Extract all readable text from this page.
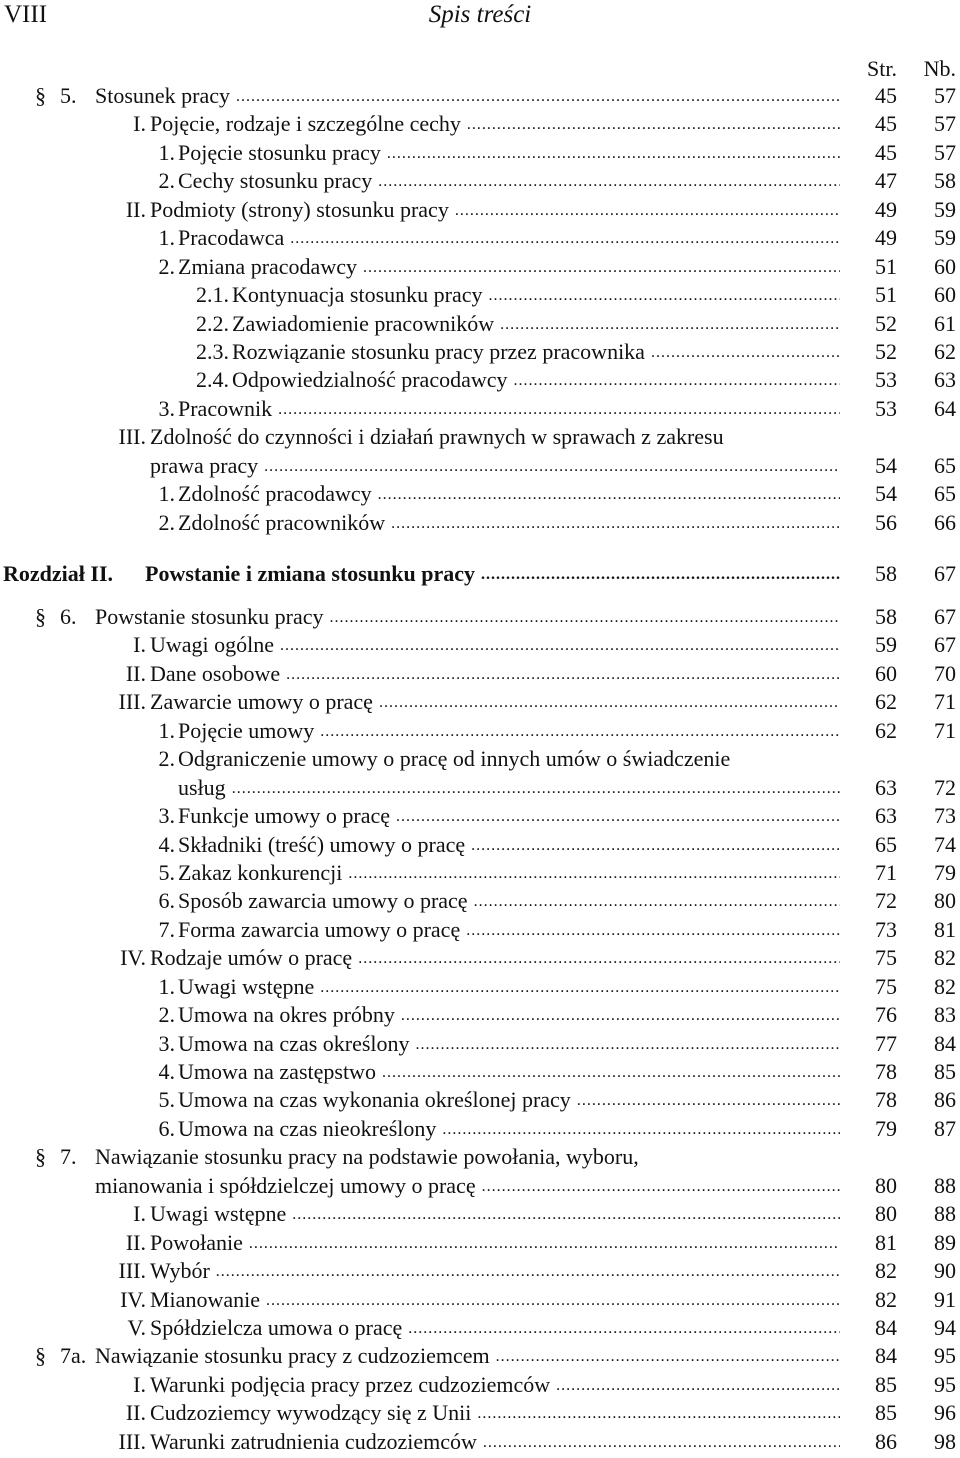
VIII	Spis treści
Str. Nb.
§ 5. Stosunek pracy .....	45 57
I. Pojęcie, rodzaje i szczególne cechy .....	45 57
1. Pojęcie stosunku pracy .....	45 57
2. Cechy stosunku pracy .....	47 58
II. Podmioty (strony) stosunku pracy .....	49 59
1. Pracodawca .....	49 59
2. Zmiana pracodawcy .....	51 60
2.1. Kontynuacja stosunku pracy .....	51 60
2.2. Zawiadomienie pracowników .....	52 61
2.3. Rozwiązanie stosunku pracy przez pracownika .....	52 62
2.4. Odpowiedzialność pracodawcy .....	53 63
3. Pracownik .....	53 64
III. Zdolność do czynności i działań prawnych w sprawach z zakresu
prawa pracy .....	54 65
1. Zdolność pracodawcy .....	54 65
2. Zdolność pracowników .....	56 66
Rozdział II. Powstanie i zmiana stosunku pracy .....	58 67
§ 6. Powstanie stosunku pracy .....	58 67
I. Uwagi ogólne .....	59 67
II. Dane osobowe .....	60 70
III. Zawarcie umowy o pracę .....	62 71
1. Pojęcie umowy .....	62 71
2. Odgraniczenie umowy o pracę od innych umów o świadczenie
usług .....	63 72
3. Funkcje umowy o pracę .....	63 73
4. Składniki (treść) umowy o pracę .....	65 74
5. Zakaz konkurencji .....	71 79
6. Sposób zawarcia umowy o pracę .....	72 80
7. Forma zawarcia umowy o pracę .....	73 81
IV. Rodzaje umów o pracę .....	75 82
1. Uwagi wstępne .....	75 82
2. Umowa na okres próbny .....	76 83
3. Umowa na czas określony .....	77 84
4. Umowa na zastępstwo .....	78 85
5. Umowa na czas wykonania określonej pracy .....	78 86
6. Umowa na czas nieokreślony .....	79 87
§ 7. Nawiązanie stosunku pracy na podstawie powołania, wyboru,
mianowania i spółdzielczej umowy o pracę .....	80 88
I. Uwagi wstępne .....	80 88
II. Powołanie .....	81 89
III. Wybór .....	82 90
IV. Mianowanie .....	82 91
V. Spółdzielcza umowa o pracę .....	84 94
§ 7a. Nawiązanie stosunku pracy z cudzoziemcem .....	84 95
I. Warunki podjęcia pracy przez cudzoziemców .....	85 95
II. Cudzoziemcy wywodzący się z Unii .....	85 96
III. Warunki zatrudnienia cudzoziemców .....	86 98
